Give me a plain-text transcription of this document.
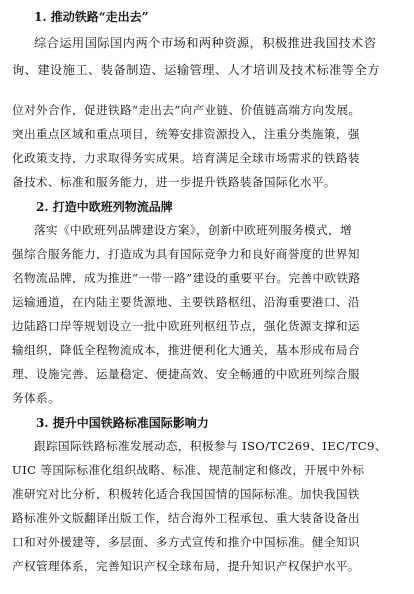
1. 推动铁路“走出去”

综合运用国际国内两个市场和两种资源，积极推进我国技术咨
询、建设施工、装备制造、运输管理、人才培训及技术标准等全方
位对外合作，促进铁路“走出去”向产业链、价值链高端方向发展。
突出重点区域和重点项目，统筹安排资源投入，注重分类施策，强
化政策支持，力求取得务实成果。培育满足全球市场需求的铁路装
备技术、标准和服务能力，进一步提升铁路装备国际化水平。

2. 打造中欧班列物流品牌

落实《中欧班列品牌建设方案》，创新中欧班列服务模式，增
强综合服务能力，打造成为具有国际竞争力和良好商誉度的世界知
名物流品牌，成为推进“一带一路”建设的重要平台。完善中欧铁路
运输通道，在内陆主要货源地、主要铁路枢纽、沿海重要港口、沿
边陆路口岸等规划设立一批中欧班列枢纽节点，强化货源支撑和运
输组织，降低全程物流成本，推进便利化大通关，基本形成布局合
理、设施完善、运量稳定、便捷高效、安全畅通的中欧班列综合服
务体系。

3. 提升中国铁路标准国际影响力

跟踪国际铁路标准发展动态，积极参与 ISO/TC269、IEC/TC9、
UIC 等国际标准化组织战略、标准、规范制定和修改，开展中外标
准研究对比分析，积极转化适合我国国情的国际标准。加快我国铁
路标准外文版翻译出版工作，结合海外工程承包、重大装备设备出
口和对外援建等，多层面、多方式宣传和推介中国标准。健全知识
产权管理体系，完善知识产权全球布局，提升知识产权保护水平。
